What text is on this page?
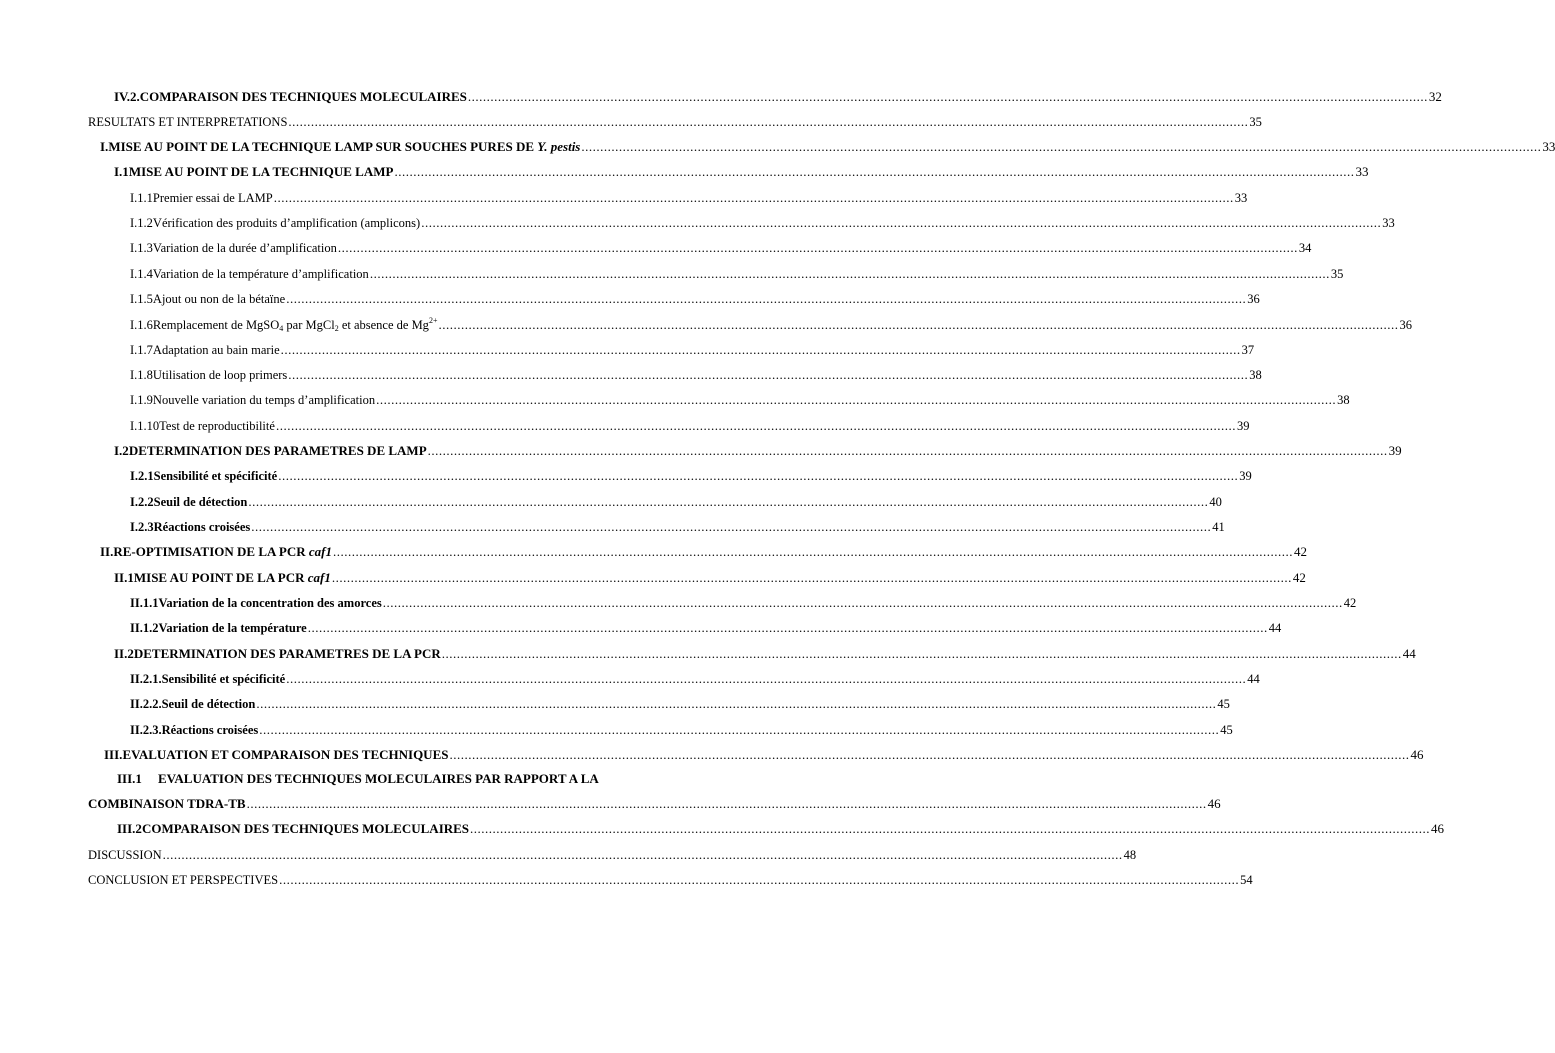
IV.2. COMPARAISON DES TECHNIQUES MOLECULAIRES .....	32
RESULTATS ET INTERPRETATIONS .....	35
I. MISE AU POINT DE LA TECHNIQUE LAMP SUR SOUCHES PURES DE Y. pestis .....	33
I.1 MISE AU POINT DE LA TECHNIQUE LAMP .....	33
I.1.1 Premier essai de LAMP .....	33
I.1.2 Vérification des produits d’amplification (amplicons) .....	33
I.1.3 Variation de la durée d’amplification .....	34
I.1.4 Variation de la température d’amplification .....	35
I.1.5 Ajout ou non de la bétaïne .....	36
I.1.6 Remplacement de MgSO$_4$ par MgCl$_2$ et absence de $Mg^{2+}$ .....	36
I.1.7 Adaptation au bain marie .....	37
I.1.8 Utilisation de loop primers .....	38
I.1.9 Nouvelle variation du temps d’amplification .....	38
I.1.10 Test de reproductibilité .....	39
I.2 DETERMINATION DES PARAMETRES DE LAMP .....	39
I.2.1 Sensibilité et spécificité .....	39
I.2.2 Seuil de détection .....	40
I.2.3 Réactions croisées .....	41
II. RE-OPTIMISATION DE LA PCR caf1 .....	42
II.1 MISE AU POINT DE LA PCR caf1 .....	42
II.1.1 Variation de la concentration des amorces .....	42
II.1.2 Variation de la température .....	44
II.2 DETERMINATION DES PARAMETRES DE LA PCR .....	44
II.2.1. Sensibilité et spécificité .....	44
II.2.2. Seuil de détection .....	45
II.2.3. Réactions croisées .....	45
III. EVALUATION ET COMPARAISON DES TECHNIQUES .....	46
III.1 EVALUATION DES TECHNIQUES MOLECULAIRES PAR RAPPORT A LA
COMBINAISON TDRA-TB .....	46
III.2 COMPARAISON DES TECHNIQUES MOLECULAIRES .....	46
DISCUSSION .....	48
CONCLUSION ET PERSPECTIVES .....	54
